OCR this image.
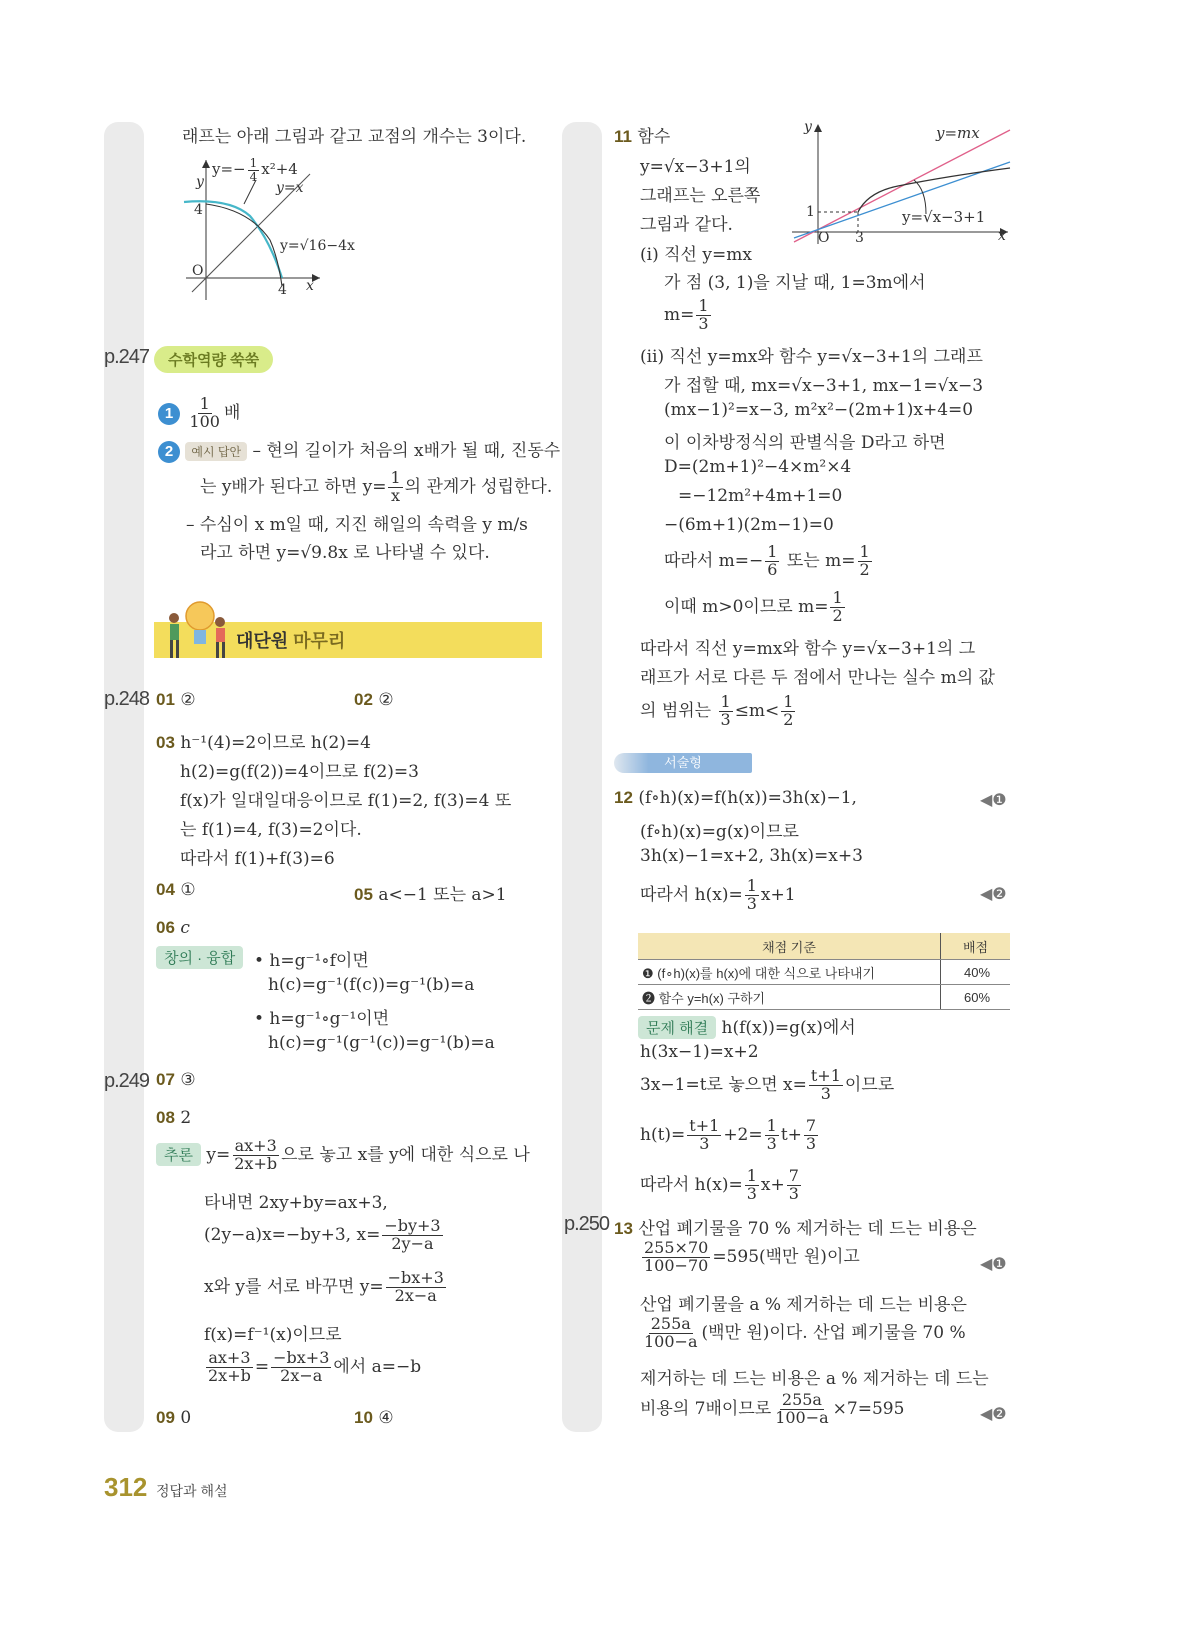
p.247
p.248
p.249
p.250
래프는 아래 그림과 같고 교점의 개수는 3이다.
$y=- \frac{1}{4} x^2+4$
y=x
y=√16−4x
y
x
O
4
4
수학역량 쑥쑥
$1 \frac{1}{100}$ 배
2 예시 답안 – 현의 길이가 처음의 x배가 될 때, 진동수
는 y배가 된다고 하면 $y= \frac{1}{x}$ 의 관계가 성립한다.
– 수심이 x m일 때, 지진 해일의 속력을 y m/s
라고 하면 y=√9.8x 로 나타낼 수 있다.
대단원 마무리
01 ②	02 ②
03 h⁻¹(4)=2이므로 h(2)=4
h(2)=g(f(2))=4이므로 f(2)=3
f(x)가 일대일대응이므로 f(1)=2, f(3)=4 또
는 f(1)=4, f(3)=2이다.
따라서 f(1)+f(3)=6
04 ①	05 a<−1 또는 a>1
06 c
창의 · 융합	• h=g⁻¹∘f이면
h(c)=g⁻¹(f(c))=g⁻¹(b)=a
• h=g⁻¹∘g⁻¹이면
h(c)=g⁻¹(g⁻¹(c))=g⁻¹(b)=a
07 ③
08 2
추론 $y= \frac{ax+3}{2x+b}$ 으로 놓고 x를 y에 대한 식으로 나
타내면 2xy+by=ax+3,
(2y−a)x=−by+3, $x= \frac{-by+3}{2y-a}$
x와 y를 서로 바꾸면 $y= \frac{-bx+3}{2x-a}$
f(x)=f⁻¹(x)이므로
$\frac{ax+3}{2x+b} = \frac{-bx+3}{2x-a}$ 에서 a=−b
09 0	10 ④
11 함수
y=√x−3+1의
그래프는 오른쪽
그림과 같다.
y	y=mx
y=√x−3+1
O 3
1
x
(ⅰ) 직선 y=mx
가 점 (3, 1)을 지날 때, 1=3m에서
$m= \frac{1}{3}$
(ⅱ) 직선 y=mx와 함수 y=√x−3+1의 그래프
가 접할 때, mx=√x−3+1, mx−1=√x−3
(mx−1)²=x−3, m²x²−(2m+1)x+4=0
이 이차방정식의 판별식을 D라고 하면
D=(2m+1)²−4×m²×4
=−12m²+4m+1=0
−(6m+1)(2m−1)=0
따라서 $m=- \frac{1}{6}$ 또는 $m= \frac{1}{2}$
이때 m>0이므로 $m= \frac{1}{2}$
따라서 직선 y=mx와 함수 y=√x−3+1의 그
래프가 서로 다른 두 점에서 만나는 실수 m의 값
의 범위는 $\frac{1}{3} \le m< \frac{1}{2}$
서술형
12 (f∘h)(x)=f(h(x))=3h(x)−1,	◀❶
(f∘h)(x)=g(x)이므로
3h(x)−1=x+2, 3h(x)=x+3
따라서 $h(x)= \frac{1}{3} x+1$	◀❷
채점 기준	배점
❶ (f∘h)(x)를 h(x)에 대한 식으로 나타내기	40%
❷ 함수 y=h(x) 구하기	60%
문제 해결 h(f(x))=g(x)에서
h(3x−1)=x+2
3x−1=t로 놓으면 $x= \frac{t+1}{3}$ 이므로
$h(t)= \frac{t+1}{3} +2= \frac{1}{3} t+ \frac{7}{3}$
따라서 $h(x)= \frac{1}{3} x+ \frac{7}{3}$
13 산업 폐기물을 70 % 제거하는 데 드는 비용은
$\frac{255\times 70}{100-70} =595$(백만 원)이고	◀❶
산업 폐기물을 a % 제거하는 데 드는 비용은
$\frac{255a}{100-a}$ (백만 원)이다. 산업 폐기물을 70 %
제거하는 데 드는 비용은 a % 제거하는 데 드는
비용의 7배이므로 $\frac{255a}{100-a} \times 7=595$	◀❷
312 정답과 해설
